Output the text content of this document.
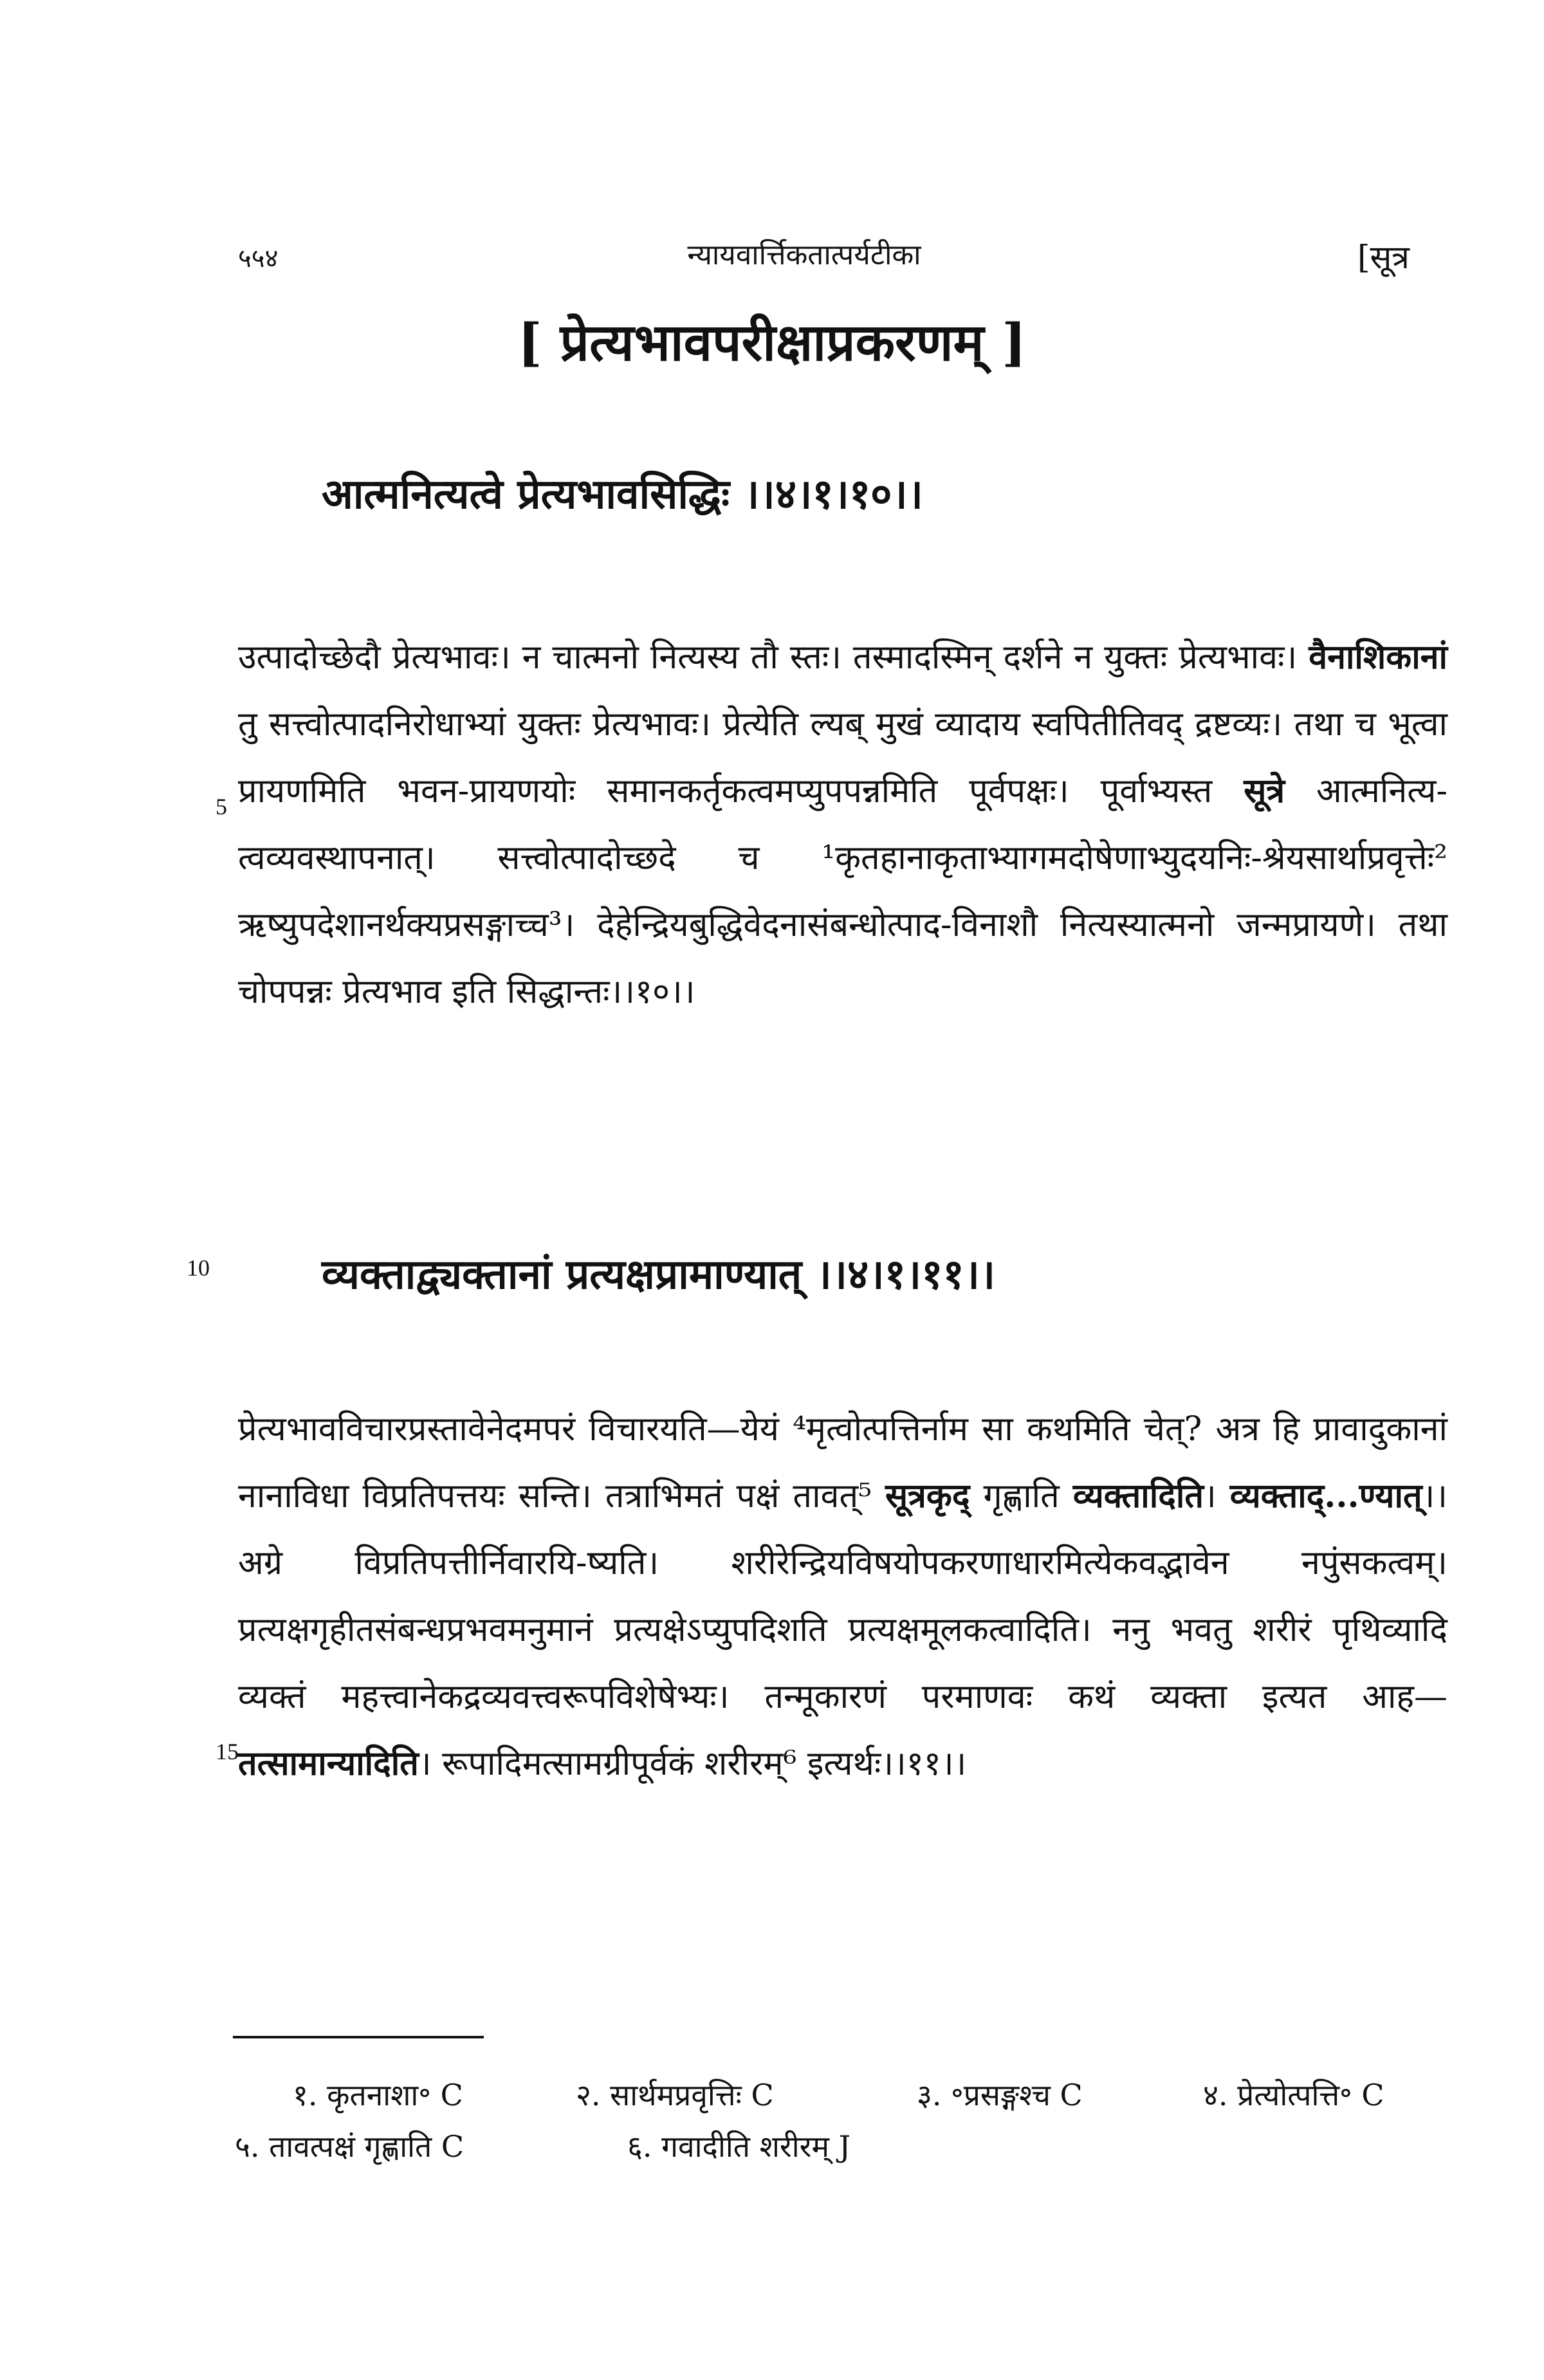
५५४	न्यायवार्त्तिकतात्पर्यटीका	[सूत्र
[ प्रेत्यभावपरीक्षाप्रकरणम् ]
आत्मनित्यत्वे प्रेत्यभावसिद्धिः ।।४।१।१०।।
उत्पादोच्छेदौ प्रेत्यभावः। न चात्मनो नित्यस्य तौ स्तः। तस्मादस्मिन् दर्शने न युक्तः प्रेत्यभावः। वैनाशिकानां तु सत्त्वोत्पादनिरोधाभ्यां युक्तः प्रेत्यभावः। प्रेत्येति ल्यब् मुखं व्यादाय स्वपितीतिवद् द्रष्टव्यः। तथा च भूत्वा प्रायणमिति भवन-प्रायणयोः समानकर्तृकत्वमप्युपपन्नमिति पूर्वपक्षः। पूर्वाभ्यस्त सूत्रे आत्मनित्य-त्वव्यवस्थापनात्। सत्त्वोत्पादोच्छदे च ¹कृतहानाकृताभ्यागमदोषेणाभ्युदयनिः-श्रेयसार्थाप्रवृत्तेः² ऋष्युपदेशानर्थक्यप्रसङ्गाच्च³। देहेन्द्रियबुद्धिवेदनासंबन्धोत्पाद-विनाशौ नित्यस्यात्मनो जन्मप्रायणे। तथा चोपपन्नः प्रेत्यभाव इति सिद्धान्तः।।१०।।
5
10	व्यक्ताद्व्यक्तानां प्रत्यक्षप्रामाण्यात् ।।४।१।११।।
प्रेत्यभावविचारप्रस्तावेनेदमपरं विचारयति—येयं ⁴मृत्वोत्पत्तिर्नाम सा कथमिति चेत्? अत्र हि प्रावादुकानां नानाविधा विप्रतिपत्तयः सन्ति। तत्राभिमतं पक्षं तावत्⁵ सूत्रकृद् गृह्णाति व्यक्तादिति। व्यक्ताद्...ण्यात्।। अग्रे विप्रतिपत्तीर्निवारयि-ष्यति। शरीरेन्द्रियविषयोपकरणाधारमित्येकवद्भावेन नपुंसकत्वम्। प्रत्यक्षगृहीतसंबन्धप्रभवमनुमानं प्रत्यक्षेऽप्युपदिशति प्रत्यक्षमूलकत्वादिति। ननु भवतु शरीरं पृथिव्यादि व्यक्तं महत्त्वानेकद्रव्यवत्त्वरूपविशेषेभ्यः। तन्मूकारणं परमाणवः कथं व्यक्ता इत्यत आह—तत्सामान्यादिति। रूपादिमत्सामग्रीपूर्वकं शरीरम्⁶ इत्यर्थः।।११।।
15
१. कृतनाशा॰ C	२. सार्थमप्रवृत्तिः C	३. ॰प्रसङ्गश्च C	४. प्रेत्योत्पत्ति॰ C
५. तावत्पक्षं गृह्णाति C	६. गवादीति शरीरम् J
